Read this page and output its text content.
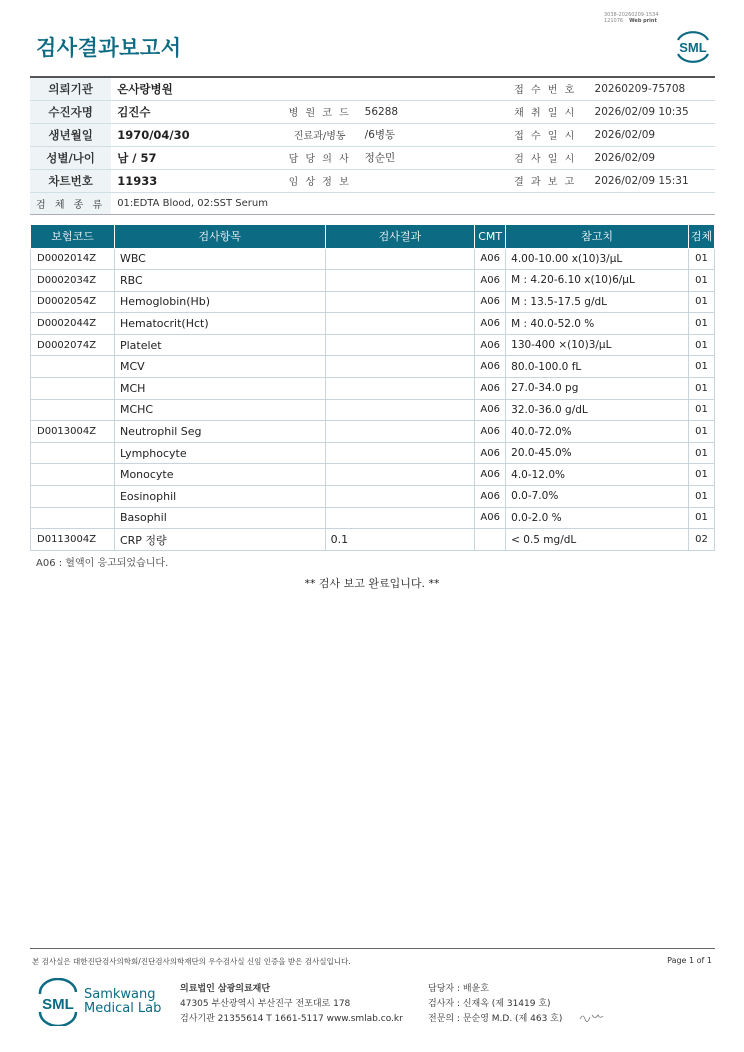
검사결과보고서
3038-20260209-1534
121076 Web print
SML
의뢰기관	온사랑병원			접 수 번 호	20260209-75708
수진자명	김진수	병 원 코 드	56288	채 취 일 시	2026/02/09 10:35
생년월일	1970/04/30	진료과/병동	/6병동	접 수 일 시	2026/02/09
성별/나이	남 / 57	담 당 의 사	정순민	검 사 일 시	2026/02/09
차트번호	11933	임 상 정 보		결 과 보 고	2026/02/09 15:31
검 체 종 류	01:EDTA Blood, 02:SST Serum				
보험코드	검사항목	검사결과	CMT	참고치	검체
D0002014Z	WBC		A06	4.00-10.00 x(10)3/μL	01
D0002034Z	RBC		A06	M : 4.20-6.10 x(10)6/μL	01
D0002054Z	Hemoglobin(Hb)		A06	M : 13.5-17.5 g/dL	01
D0002044Z	Hematocrit(Hct)		A06	M : 40.0-52.0 %	01
D0002074Z	Platelet		A06	130-400 ×(10)3/μL	01
	MCV		A06	80.0-100.0 fL	01
	MCH		A06	27.0-34.0 pg	01
	MCHC		A06	32.0-36.0 g/dL	01
D0013004Z	Neutrophil Seg		A06	40.0-72.0%	01
	Lymphocyte		A06	20.0-45.0%	01
	Monocyte		A06	4.0-12.0%	01
	Eosinophil		A06	0.0-7.0%	01
	Basophil		A06	0.0-2.0 %	01
D0113004Z	CRP 정량	0.1		< 0.5 mg/dL	02
A06 : 혈액이 응고되었습니다.
** 검사 보고 완료입니다. **
본 검사실은 대한진단검사의학회/진단검사의학재단의 우수검사실 신임 인증을 받은 검사실입니다.	Page 1 of 1
SML
Samkwang
Medical Lab
의료법인 삼광의료재단
47305 부산광역시 부산진구 전포대로 178
검사기관 21355614 T 1661-5117 www.smlab.co.kr
담당자 : 배윤호
검사자 : 신재옥 (제 31419 호)
전문의 : 문순영 M.D. (제 463 호)
